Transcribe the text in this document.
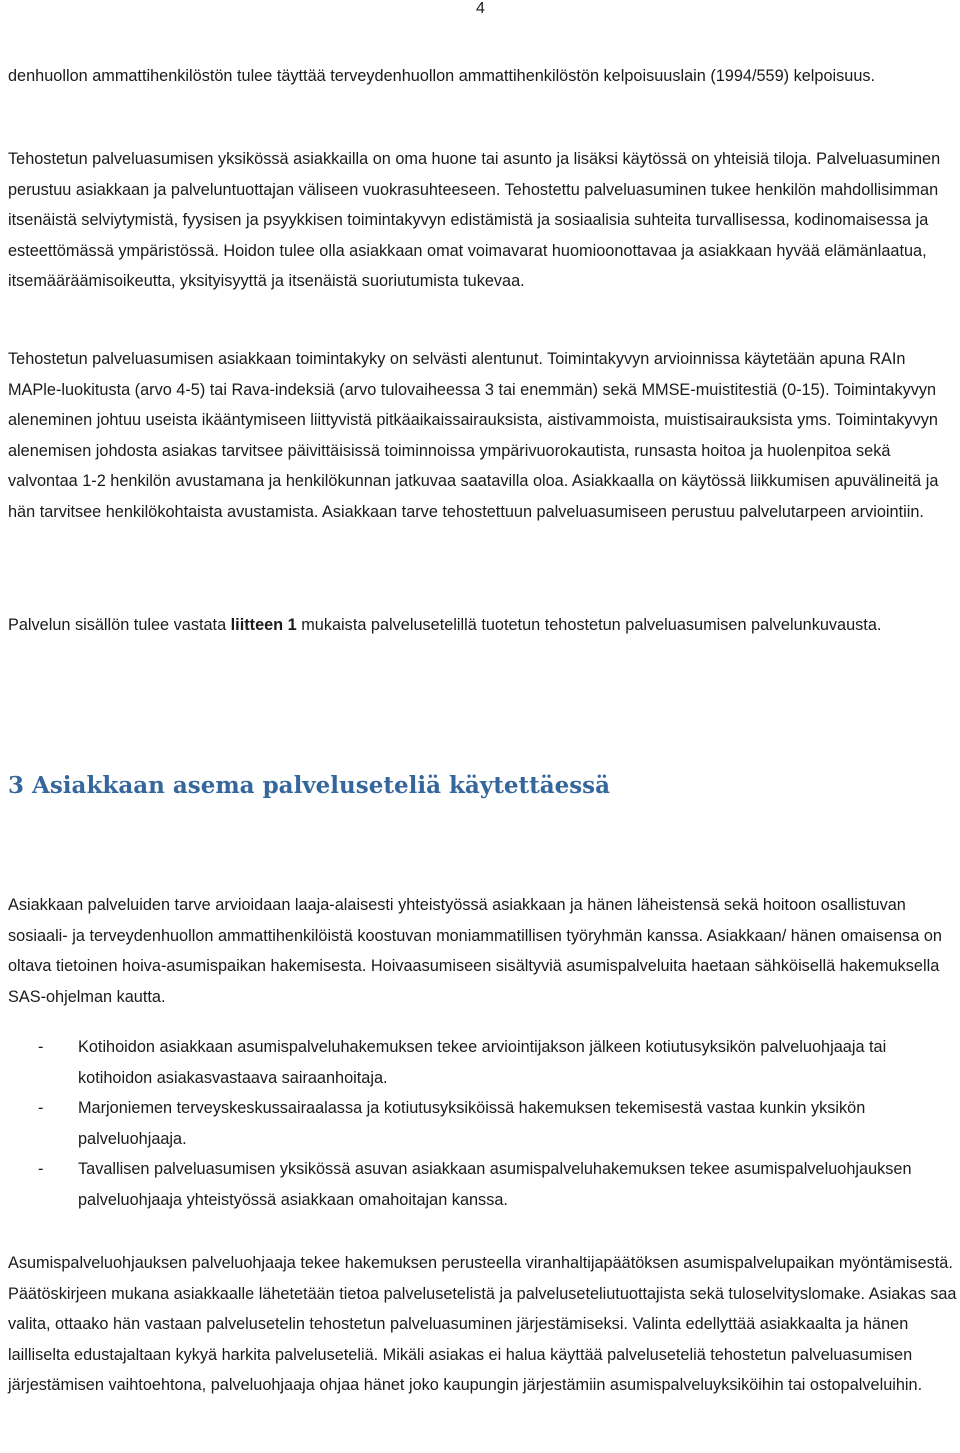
4

denhuollon ammattihenkilöstön tulee täyttää terveydenhuollon ammattihenkilöstön kelpoisuuslain (1994/559) kelpoisuus.

Tehostetun palveluasumisen yksikössä asiakkailla on oma huone tai asunto ja lisäksi käytössä on yhteisiä tiloja. Palveluasuminen perustuu asiakkaan ja palveluntuottajan väliseen vuokrasuhteeseen. Tehostettu palveluasuminen tukee henkilön mahdollisimman itsenäistä selviytymistä, fyysisen ja psyykkisen toimintakyvyn edistämistä ja sosiaalisia suhteita turvallisessa, kodinomaisessa ja esteettömässä ympäristössä. Hoidon tulee olla asiakkaan omat voimavarat huomioonottavaa ja asiakkaan hyvää elämänlaatua, itsemääräämisoikeutta, yksityisyyttä ja itsenäistä suoriutumista tukevaa.

Tehostetun palveluasumisen asiakkaan toimintakyky on selvästi alentunut. Toimintakyvyn arvioinnissa käytetään apuna RAIn MAPle-luokitusta (arvo 4-5) tai Rava-indeksiä (arvo tulovaiheessa 3 tai enemmän) sekä MMSE-muistitestiä (0-15). Toimintakyvyn aleneminen johtuu useista ikääntymiseen liittyvistä pitkäaikaissairauksista, aistivammoista, muistisairauksista yms. Toimintakyvyn alenemisen johdosta asiakas tarvitsee päivittäisissä toiminnoissa ympärivuorokautista, runsasta hoitoa ja huolenpitoa sekä valvontaa 1-2 henkilön avustamana ja henkilökunnan jatkuvaa saatavilla oloa. Asiakkaalla on käytössä liikkumisen apuvälineitä ja hän tarvitsee henkilökohtaista avustamista. Asiakkaan tarve tehostettuun palveluasumiseen perustuu palvelutarpeen arviointiin.

Palvelun sisällön tulee vastata liitteen 1 mukaista palvelusetelillä tuotetun tehostetun palveluasumisen palvelunkuvausta.

3 Asiakkaan asema palveluseteliä käytettäessä

Asiakkaan palveluiden tarve arvioidaan laaja-alaisesti yhteistyössä asiakkaan ja hänen läheistensä sekä hoitoon osallistuvan sosiaali- ja terveydenhuollon ammattihenkilöistä koostuvan moniammatillisen työryhmän kanssa. Asiakkaan/ hänen omaisensa on oltava tietoinen hoiva-asumispaikan hakemisesta. Hoivaasumiseen sisältyviä asumispalveluita haetaan sähköisellä hakemuksella SAS-ohjelman kautta.

- Kotihoidon asiakkaan asumispalveluhakemuksen tekee arviointijakson jälkeen kotiutusyksikön palveluohjaaja tai kotihoidon asiakasvastaava sairaanhoitaja.
- Marjoniemen terveyskeskussairaalassa ja kotiutusyksiköissä hakemuksen tekemisestä vastaa kunkin yksikön palveluohjaaja.
- Tavallisen palveluasumisen yksikössä asuvan asiakkaan asumispalveluhakemuksen tekee asumispalveluohjauksen palveluohjaaja yhteistyössä asiakkaan omahoitajan kanssa.

Asumispalveluohjauksen palveluohjaaja tekee hakemuksen perusteella viranhaltijapäätöksen asumispalvelupaikan myöntämisestä. Päätöskirjeen mukana asiakkaalle lähetetään tietoa palvelusetelistä ja palveluseteliutuottajista sekä tuloselvityslomake. Asiakas saa valita, ottaako hän vastaan palvelusetelin tehostetun palveluasuminen järjestämiseksi. Valinta edellyttää asiakkaalta ja hänen lailliselta edustajaltaan kykyä harkita palveluseteliä. Mikäli asiakas ei halua käyttää palveluseteliä tehostetun palveluasumisen järjestämisen vaihtoehtona, palveluohjaaja ohjaa hänet joko kaupungin järjestämiin asumispalveluyksiköihin tai ostopalveluihin.
